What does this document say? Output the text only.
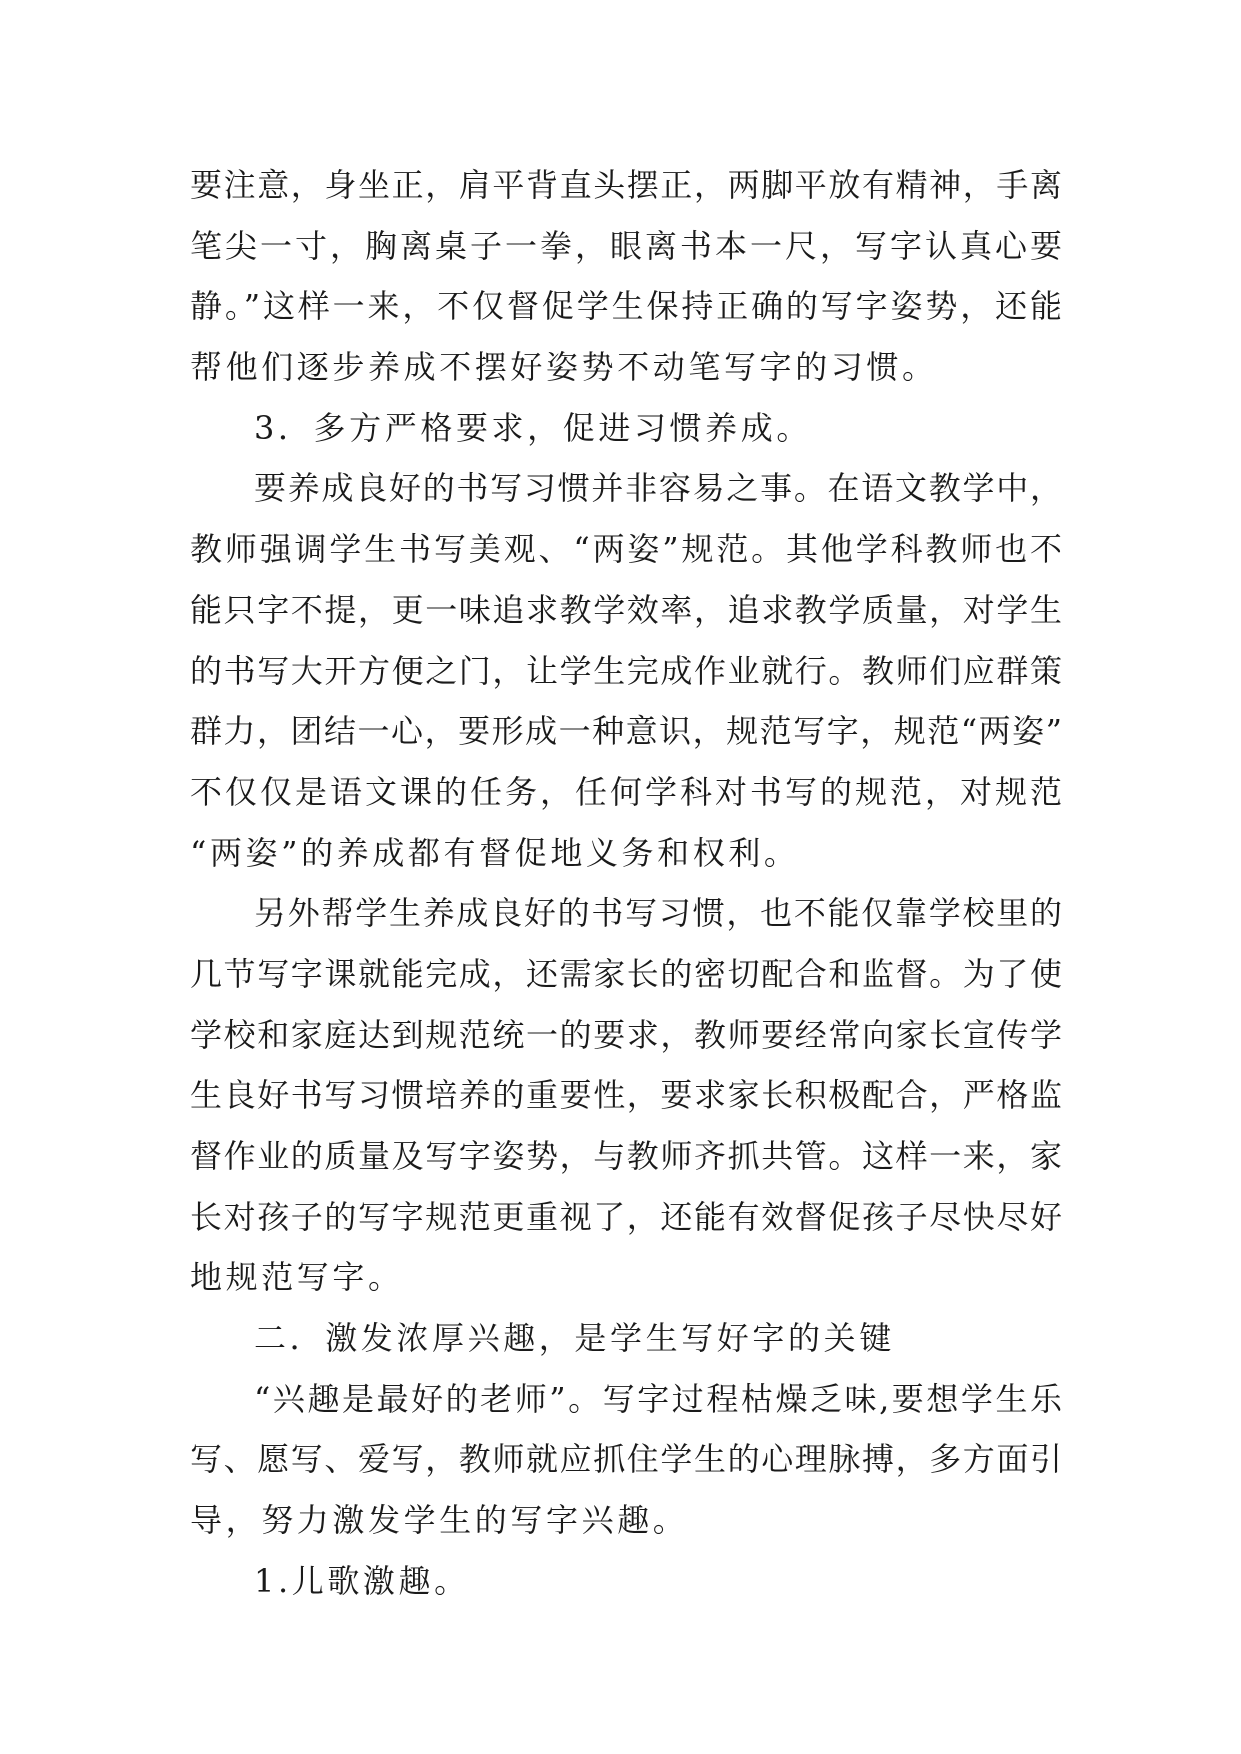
要注意，身坐正，肩平背直头摆正，两脚平放有精神，手离
笔尖一寸，胸离桌子一拳，眼离书本一尺，写字认真心要
静。”这样一来，不仅督促学生保持正确的写字姿势，还能
帮他们逐步养成不摆好姿势不动笔写字的习惯。
3．多方严格要求，促进习惯养成。
要养成良好的书写习惯并非容易之事。在语文教学中，
教师强调学生书写美观、“两姿”规范。其他学科教师也不
能只字不提，更一味追求教学效率，追求教学质量，对学生
的书写大开方便之门，让学生完成作业就行。教师们应群策
群力，团结一心，要形成一种意识，规范写字，规范“两姿”
不仅仅是语文课的任务，任何学科对书写的规范，对规范
“两姿”的养成都有督促地义务和权利。
另外帮学生养成良好的书写习惯，也不能仅靠学校里的
几节写字课就能完成，还需家长的密切配合和监督。为了使
学校和家庭达到规范统一的要求，教师要经常向家长宣传学
生良好书写习惯培养的重要性，要求家长积极配合，严格监
督作业的质量及写字姿势，与教师齐抓共管。这样一来，家
长对孩子的写字规范更重视了，还能有效督促孩子尽快尽好
地规范写字。
二．激发浓厚兴趣，是学生写好字的关键
“兴趣是最好的老师”。写字过程枯燥乏味,要想学生乐
写、愿写、爱写，教师就应抓住学生的心理脉搏，多方面引
导，努力激发学生的写字兴趣。
1.儿歌激趣。
